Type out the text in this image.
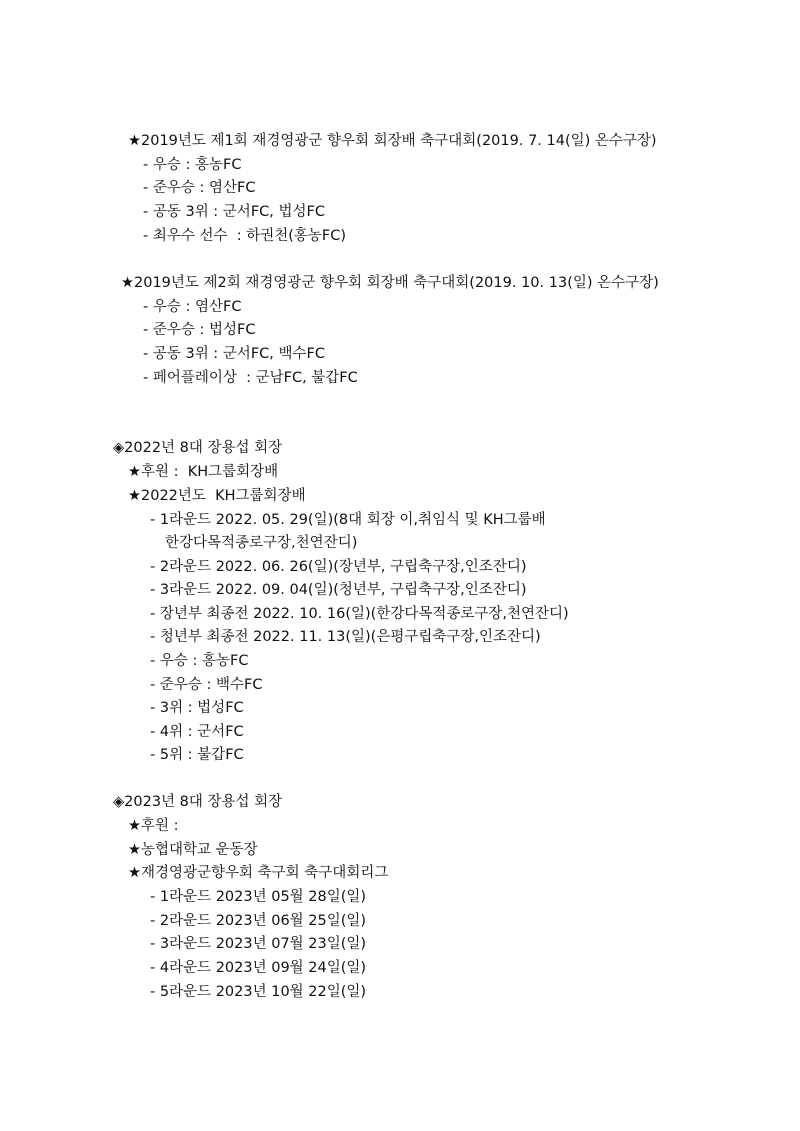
★2019년도 제1회 재경영광군 향우회 회장배 축구대회(2019. 7. 14(일) 온수구장)
- 우승 : 홍농FC
- 준우승 : 염산FC
- 공동 3위 : 군서FC, 법성FC
- 최우수 선수  : 하권천(홍농FC)
★2019년도 제2회 재경영광군 향우회 회장배 축구대회(2019. 10. 13(일) 온수구장)
- 우승 : 염산FC
- 준우승 : 법성FC
- 공동 3위 : 군서FC, 백수FC
- 페어플레이상  : 군남FC, 불갑FC
◈2022년 8대 장용섭 회장
★후원 :  KH그룹회장배
★2022년도  KH그룹회장배
- 1라운드 2022. 05. 29(일)(8대 회장 이,취임식 및 KH그룹배
한강다목적종로구장,천연잔디)
- 2라운드 2022. 06. 26(일)(장년부, 구립축구장,인조잔디)
- 3라운드 2022. 09. 04(일)(청년부, 구립축구장,인조잔디)
- 장년부 최종전 2022. 10. 16(일)(한강다목적종로구장,천연잔디)
- 청년부 최종전 2022. 11. 13(일)(은평구립축구장,인조잔디)
- 우승 : 홍농FC
- 준우승 : 백수FC
- 3위 : 법성FC
- 4위 : 군서FC
- 5위 : 불갑FC
◈2023년 8대 장용섭 회장
★후원 :
★농협대학교 운동장
★재경영광군향우회 축구회 축구대회리그
- 1라운드 2023년 05월 28일(일)
- 2라운드 2023년 06월 25일(일)
- 3라운드 2023년 07월 23일(일)
- 4라운드 2023년 09월 24일(일)
- 5라운드 2023년 10월 22일(일)
